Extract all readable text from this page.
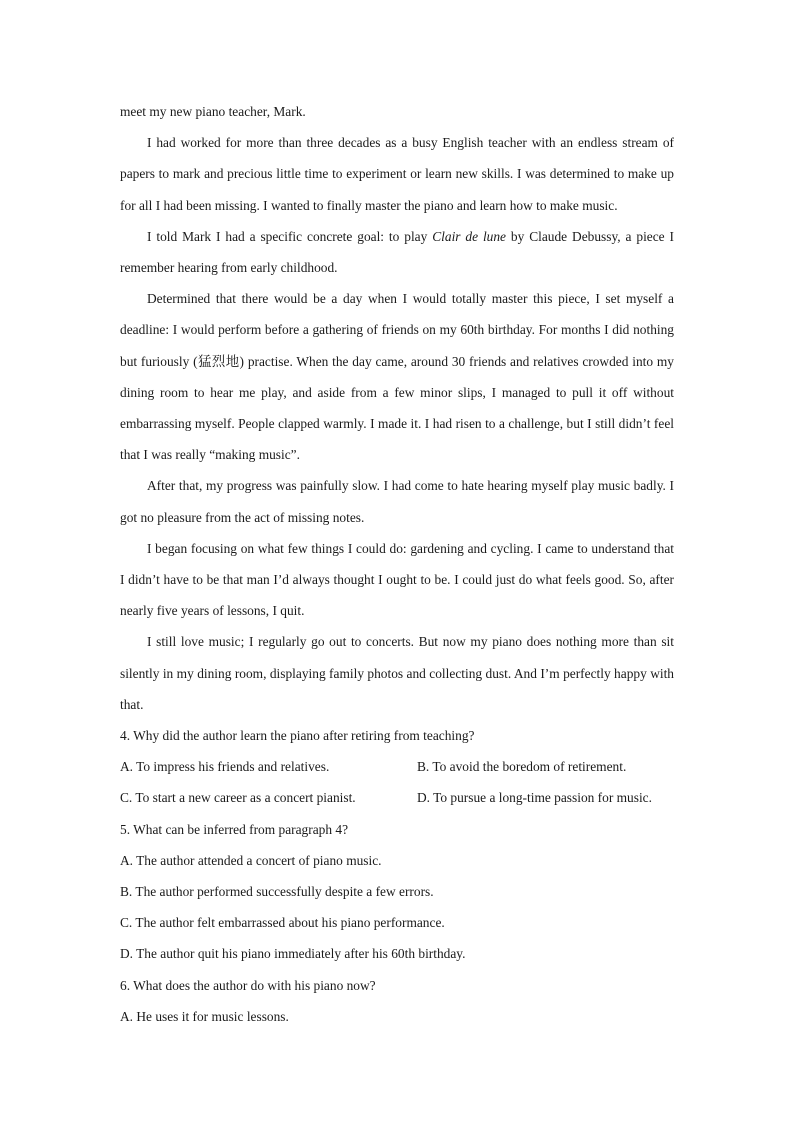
meet my new piano teacher, Mark.

I had worked for more than three decades as a busy English teacher with an endless stream of papers to mark and precious little time to experiment or learn new skills. I was determined to make up for all I had been missing. I wanted to finally master the piano and learn how to make music.

I told Mark I had a specific concrete goal: to play Clair de lune by Claude Debussy, a piece I remember hearing from early childhood.

Determined that there would be a day when I would totally master this piece, I set myself a deadline: I would perform before a gathering of friends on my 60th birthday. For months I did nothing but furiously (猛烈地) practise. When the day came, around 30 friends and relatives crowded into my dining room to hear me play, and aside from a few minor slips, I managed to pull it off without embarrassing myself. People clapped warmly. I made it. I had risen to a challenge, but I still didn’t feel that I was really “making music”.

After that, my progress was painfully slow. I had come to hate hearing myself play music badly. I got no pleasure from the act of missing notes.

I began focusing on what few things I could do: gardening and cycling. I came to understand that I didn’t have to be that man I’d always thought I ought to be. I could just do what feels good. So, after nearly five years of lessons, I quit.

I still love music; I regularly go out to concerts. But now my piano does nothing more than sit silently in my dining room, displaying family photos and collecting dust. And I’m perfectly happy with that.

4. Why did the author learn the piano after retiring from teaching?

A. To impress his friends and relatives.	B. To avoid the boredom of retirement.
C. To start a new career as a concert pianist.	D. To pursue a long-time passion for music.

5. What can be inferred from paragraph 4?

A. The author attended a concert of piano music.

B. The author performed successfully despite a few errors.

C. The author felt embarrassed about his piano performance.

D. The author quit his piano immediately after his 60th birthday.

6. What does the author do with his piano now?

A. He uses it for music lessons.
